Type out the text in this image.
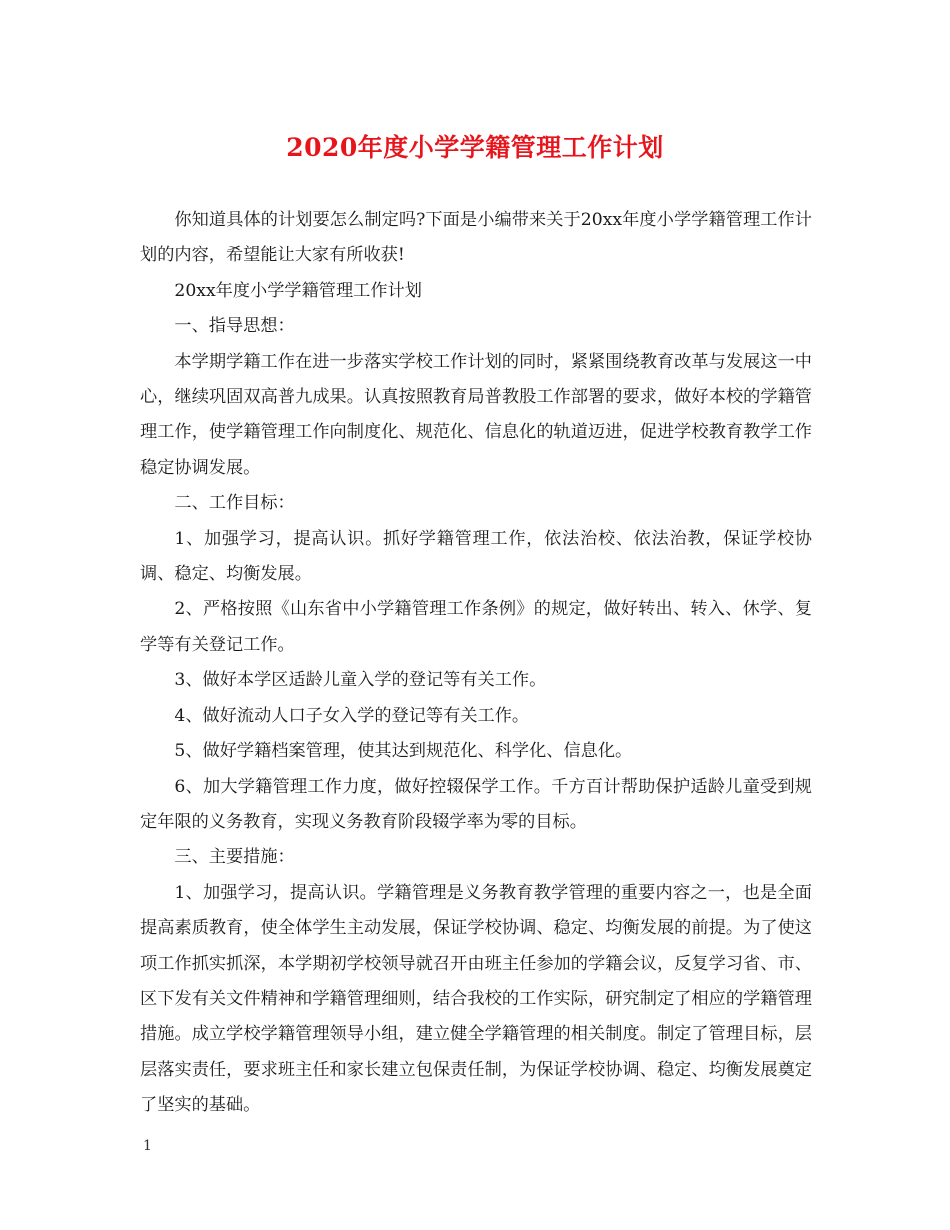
2020年度小学学籍管理工作计划

你知道具体的计划要怎么制定吗?下面是小编带来关于20xx年度小学学籍管理工作计划的内容，希望能让大家有所收获!

20xx年度小学学籍管理工作计划

一、指导思想：

本学期学籍工作在进一步落实学校工作计划的同时，紧紧围绕教育改革与发展这一中心，继续巩固双高普九成果。认真按照教育局普教股工作部署的要求，做好本校的学籍管理工作，使学籍管理工作向制度化、规范化、信息化的轨道迈进，促进学校教育教学工作稳定协调发展。

二、工作目标：

1、加强学习，提高认识。抓好学籍管理工作，依法治校、依法治教，保证学校协调、稳定、均衡发展。

2、严格按照《山东省中小学籍管理工作条例》的规定，做好转出、转入、休学、复学等有关登记工作。

3、做好本学区适龄儿童入学的登记等有关工作。

4、做好流动人口子女入学的登记等有关工作。

5、做好学籍档案管理，使其达到规范化、科学化、信息化。

6、加大学籍管理工作力度，做好控辍保学工作。千方百计帮助保护适龄儿童受到规定年限的义务教育，实现义务教育阶段辍学率为零的目标。

三、主要措施：

1、加强学习，提高认识。学籍管理是义务教育教学管理的重要内容之一，也是全面提高素质教育，使全体学生主动发展，保证学校协调、稳定、均衡发展的前提。为了使这项工作抓实抓深，本学期初学校领导就召开由班主任参加的学籍会议，反复学习省、市、区下发有关文件精神和学籍管理细则，结合我校的工作实际，研究制定了相应的学籍管理措施。成立学校学籍管理领导小组，建立健全学籍管理的相关制度。制定了管理目标，层层落实责任，要求班主任和家长建立包保责任制，为保证学校协调、稳定、均衡发展奠定了坚实的基础。

1
